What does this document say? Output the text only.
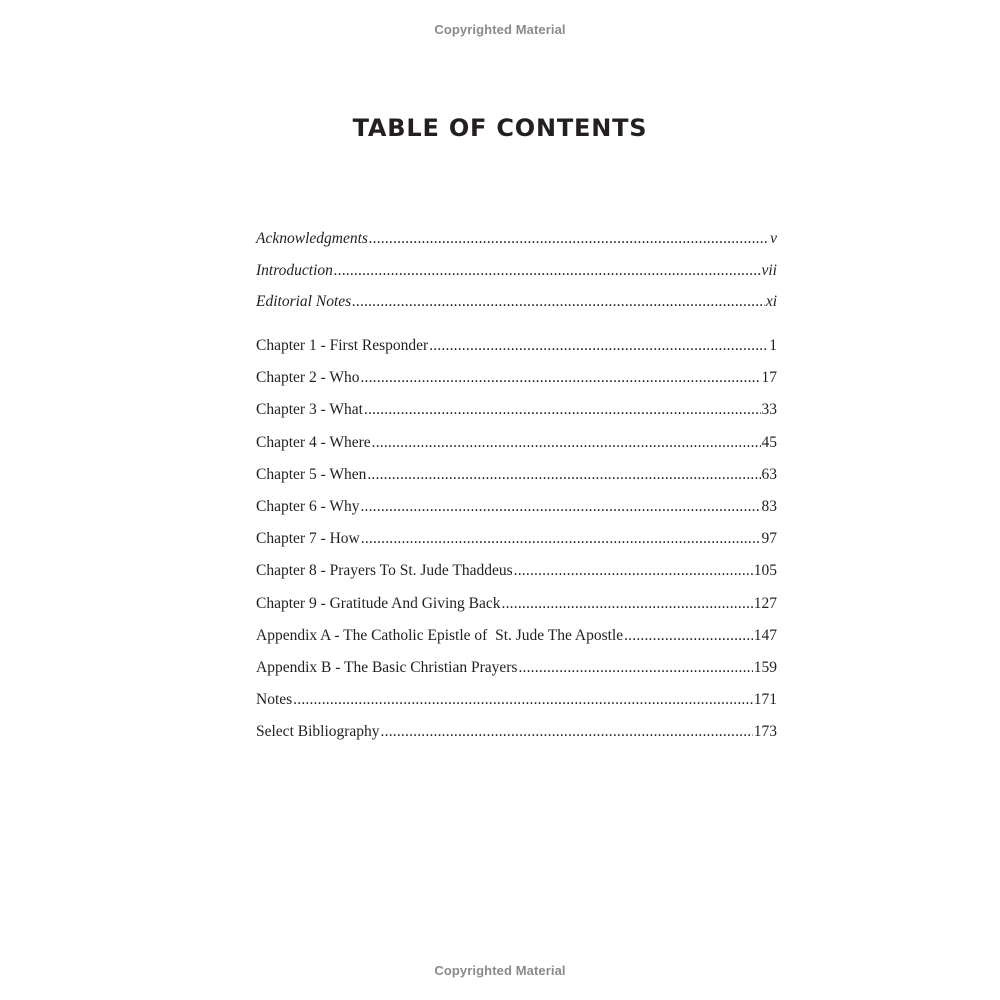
Copyrighted Material
TABLE OF CONTENTS
Acknowledgments .....	v
Introduction .....	vii
Editorial Notes .....	xi
Chapter 1 - First Responder .....	1
Chapter 2 - Who .....	17
Chapter 3 - What .....	33
Chapter 4 - Where .....	45
Chapter 5 - When .....	63
Chapter 6 - Why .....	83
Chapter 7 - How .....	97
Chapter 8 - Prayers To St. Jude Thaddeus .....	105
Chapter 9 - Gratitude And Giving Back .....	127
Appendix A - The Catholic Epistle of  St. Jude The Apostle .....	147
Appendix B - The Basic Christian Prayers .....	159
Notes .....	171
Select Bibliography .....	173
Copyrighted Material
